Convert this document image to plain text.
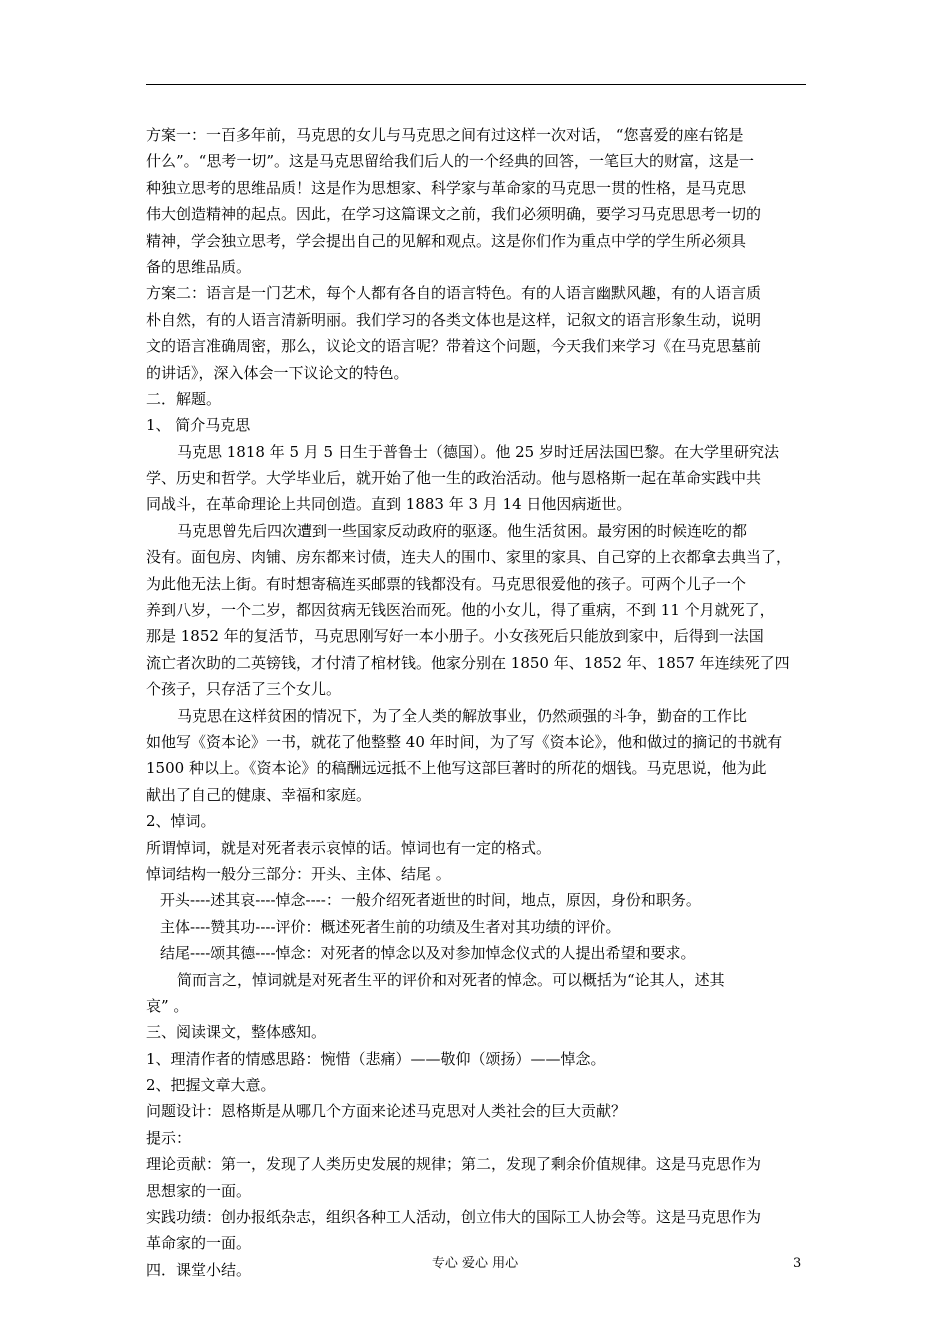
方案一：一百多年前，马克思的女儿与马克思之间有过这样一次对话， “您喜爱的座右铭是
什么”。“思考一切”。这是马克思留给我们后人的一个经典的回答，一笔巨大的财富，这是一
种独立思考的思维品质！这是作为思想家、科学家与革命家的马克思一贯的性格，是马克思
伟大创造精神的起点。因此，在学习这篇课文之前，我们必须明确，要学习马克思思考一切的
精神，学会独立思考，学会提出自己的见解和观点。这是你们作为重点中学的学生所必须具
备的思维品质。
方案二：语言是一门艺术，每个人都有各自的语言特色。有的人语言幽默风趣，有的人语言质
朴自然，有的人语言清新明丽。我们学习的各类文体也是这样，记叙文的语言形象生动，说明
文的语言准确周密，那么，议论文的语言呢？带着这个问题，今天我们来学习《在马克思墓前
的讲话》，深入体会一下议论文的特色。
二．解题。
1、 简介马克思
马克思 1818 年 5 月 5 日生于普鲁士（德国）。他 25 岁时迁居法国巴黎。在大学里研究法
学、历史和哲学。大学毕业后，就开始了他一生的政治活动。他与恩格斯一起在革命实践中共
同战斗，在革命理论上共同创造。直到 1883 年 3 月 14 日他因病逝世。
马克思曾先后四次遭到一些国家反动政府的驱逐。他生活贫困。最穷困的时候连吃的都
没有。面包房、肉铺、房东都来讨债，连夫人的围巾、家里的家具、自己穿的上衣都拿去典当了，
为此他无法上街。有时想寄稿连买邮票的钱都没有。马克思很爱他的孩子。可两个儿子一个
养到八岁，一个二岁，都因贫病无钱医治而死。他的小女儿，得了重病，不到 11 个月就死了，
那是 1852 年的复活节，马克思刚写好一本小册子。小女孩死后只能放到家中，后得到一法国
流亡者次助的二英镑钱，才付清了棺材钱。他家分别在 1850 年、1852 年、1857 年连续死了四
个孩子，只存活了三个女儿。
马克思在这样贫困的情况下，为了全人类的解放事业，仍然顽强的斗争，勤奋的工作比
如他写《资本论》一书，就花了他整整 40 年时间，为了写《资本论》，他和做过的摘记的书就有
1500 种以上。《资本论》的稿酬远远抵不上他写这部巨著时的所花的烟钱。马克思说，他为此
献出了自己的健康、幸福和家庭。
2、悼词。
所谓悼词，就是对死者表示哀悼的话。悼词也有一定的格式。
悼词结构一般分三部分：开头、主体、结尾 。
开头----述其哀----悼念----：一般介绍死者逝世的时间，地点，原因，身份和职务。
主体----赞其功----评价：概述死者生前的功绩及生者对其功绩的评价。
结尾----颂其德----悼念：对死者的悼念以及对参加悼念仪式的人提出希望和要求。
简而言之，悼词就是对死者生平的评价和对死者的悼念。可以概括为“论其人，述其
哀” 。
三、阅读课文，整体感知。
1、理清作者的情感思路：惋惜（悲痛）——敬仰（颂扬）——悼念。
2、把握文章大意。
问题设计：恩格斯是从哪几个方面来论述马克思对人类社会的巨大贡献？
提示：
理论贡献：第一，发现了人类历史发展的规律；第二，发现了剩余价值规律。这是马克思作为
思想家的一面。
实践功绩：创办报纸杂志，组织各种工人活动，创立伟大的国际工人协会等。这是马克思作为
革命家的一面。
四．课堂小结。	专心 爱心 用心	3
